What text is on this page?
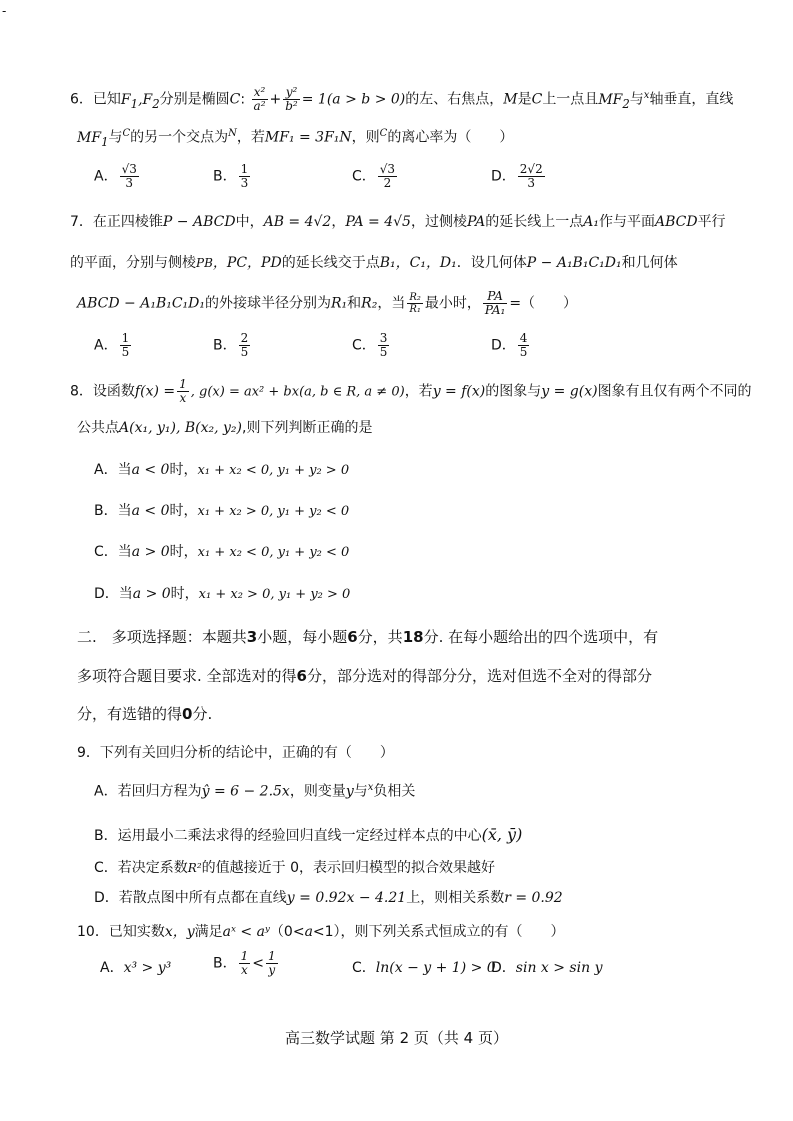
-
6．已知$F_1,F_2$分别是椭圆C: $\frac{\text{x²}}{\text{a²}} + \frac{\text{y²}}{\text{b²}} = 1(a > b > 0)$的左、右焦点，M是C上一点且$MF_2$与$^x$轴垂直，直线
$MF_1$与$^C$的另一个交点为$^N$，若MF₁ = 3F₁N，则$^C$的离心率为（　　）
A． $\frac{√3}{3}$	B． $\frac{1}{3}$	C． $\frac{√3}{2}$	D． $\frac{2√2}{3}$
7．在正四棱锥P − ABCD中，AB = 4√2，PA = 4√5，过侧棱PA的延长线上一点A₁作与平面ABCD平行
的平面，分别与侧棱PB，PC，PD的延长线交于点B₁，C₁，D₁．设几何体P − A₁B₁C₁D₁和几何体
ABCD − A₁B₁C₁D₁的外接球半径分别为R₁和R₂，当 $\frac{\text{R₂}}{\text{R₁}}$ 最小时， $\frac{PA}{\text{PA₁}}$ =（　　）
A． $\frac{1}{5}$	B． $\frac{2}{5}$	C． $\frac{3}{5}$	D． $\frac{4}{5}$
8．设函数$f(x) = \frac{1}{x}$ , g(x) = ax² + bx(a, b ∈ R, a ≠ 0)，若y = f(x)的图象与y = g(x)图象有且仅有两个不同的
公共点A(x₁, y₁), B(x₂, y₂),则下列判断正确的是
A．当a < 0时，x₁ + x₂ < 0, y₁ + y₂ > 0
B．当a < 0时，x₁ + x₂ > 0, y₁ + y₂ < 0
C．当a > 0时，x₁ + x₂ < 0, y₁ + y₂ < 0
D．当a > 0时，x₁ + x₂ > 0, y₁ + y₂ > 0
二.　多项选择题：本题共3小题，每小题6分，共18分. 在每小题给出的四个选项中，有
多项符合题目要求. 全部选对的得6分，部分选对的得部分分，选对但选不全对的得部分
分，有选错的得0分.
9．下列有关回归分析的结论中，正确的有（　　）
A．若回归方程为ŷ = 6 − 2.5x，则变量y与$^x$负相关
B．运用最小二乘法求得的经验回归直线一定经过样本点的中心(x̄, ȳ)
C．若决定系数R²的值越接近于 0，表示回归模型的拟合效果越好
D．若散点图中所有点都在直线y = 0.92x − 4.21上，则相关系数r = 0.92
10．已知实数x，y满足aˣ < aʸ（0<a<1），则下列关系式恒成立的有（　　）
A．x³ > y³	B． $\frac{1}{x} < \frac{1}{y}$	C．ln(x − y + 1) > 0
D．sin x > sin y
高三数学试题 第 2 页（共 4 页）
